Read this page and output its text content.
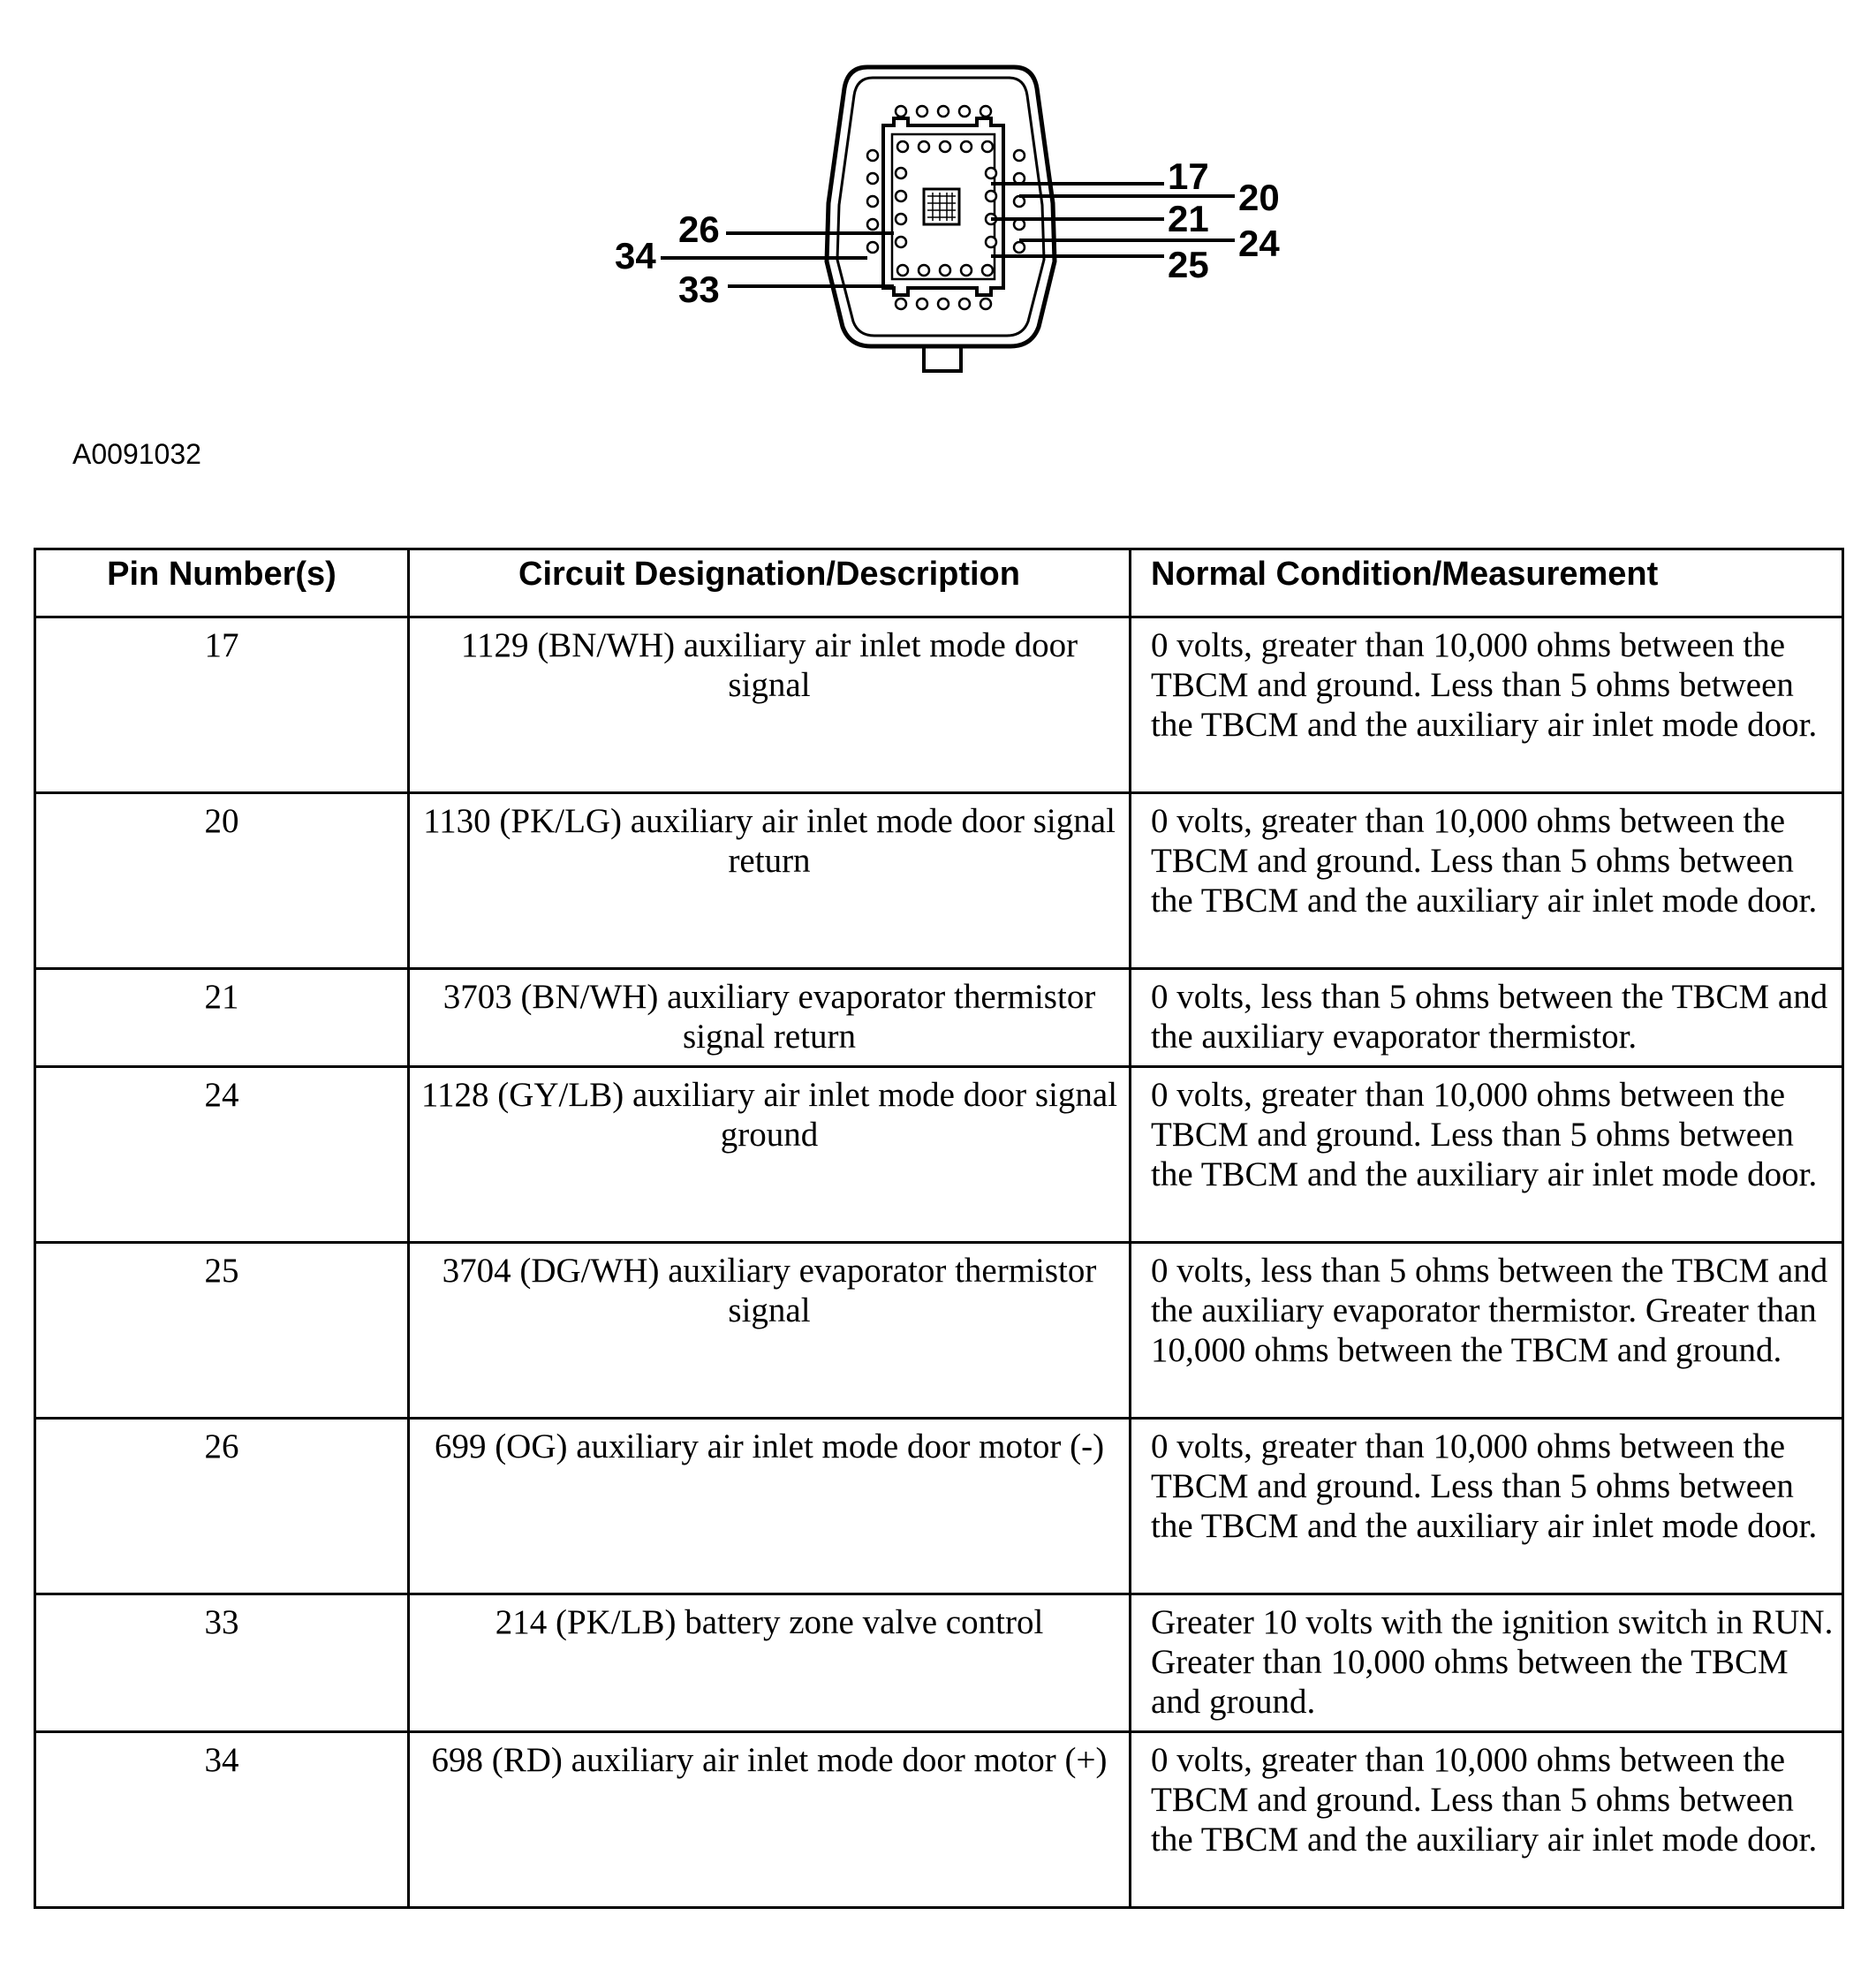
17
20
21
24
25
26
34
33
A0091032
Pin Number(s)	Circuit Designation/Description	Normal Condition/Measurement
17	1129 (BN/WH) auxiliary air inlet mode door signal	0 volts, greater than 10,000 ohms between the TBCM and ground. Less than 5 ohms between the TBCM and the auxiliary air inlet mode door.
20	1130 (PK/LG) auxiliary air inlet mode door signal return	0 volts, greater than 10,000 ohms between the TBCM and ground. Less than 5 ohms between the TBCM and the auxiliary air inlet mode door.
21	3703 (BN/WH) auxiliary evaporator thermistor signal return	0 volts, less than 5 ohms between the TBCM and the auxiliary evaporator thermistor.
24	1128 (GY/LB) auxiliary air inlet mode door signal ground	0 volts, greater than 10,000 ohms between the TBCM and ground. Less than 5 ohms between the TBCM and the auxiliary air inlet mode door.
25	3704 (DG/WH) auxiliary evaporator thermistor signal	0 volts, less than 5 ohms between the TBCM and the auxiliary evaporator thermistor. Greater than 10,000 ohms between the TBCM and ground.
26	699 (OG) auxiliary air inlet mode door motor (-)	0 volts, greater than 10,000 ohms between the TBCM and ground. Less than 5 ohms between the TBCM and the auxiliary air inlet mode door.
33	214 (PK/LB) battery zone valve control	Greater 10 volts with the ignition switch in RUN. Greater than 10,000 ohms between the TBCM and ground.
34	698 (RD) auxiliary air inlet mode door motor (+)	0 volts, greater than 10,000 ohms between the TBCM and ground. Less than 5 ohms between the TBCM and the auxiliary air inlet mode door.
